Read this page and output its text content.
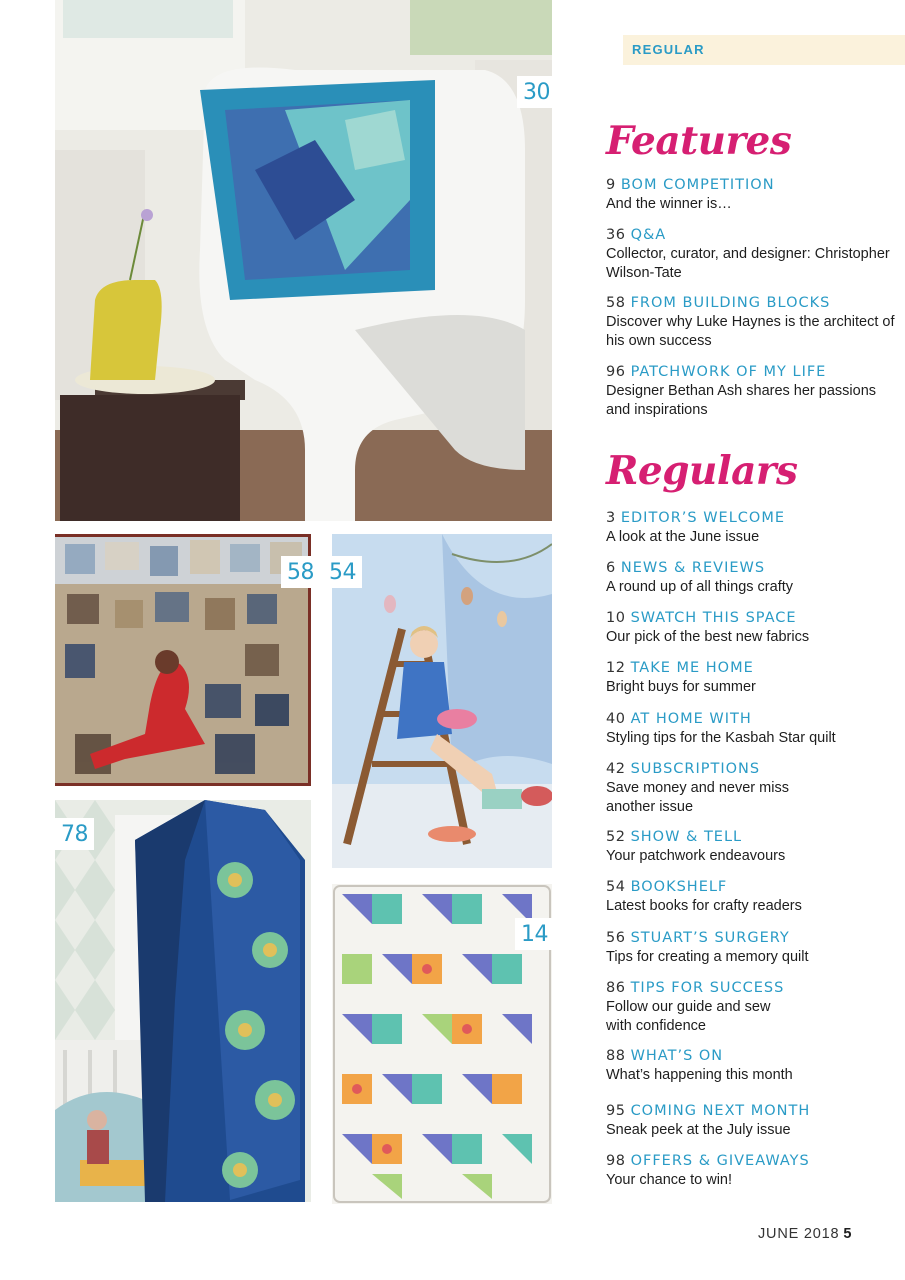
30
58 54
78
14
REGULAR
Features
9 BOM COMPETITION
And the winner is…
36 Q&A
Collector, curator, and designer: Christopher Wilson-Tate
58 FROM BUILDING BLOCKS
Discover why Luke Haynes is the architect of his own success
96 PATCHWORK OF MY LIFE
Designer Bethan Ash shares her passions and inspirations
Regulars
3 EDITOR’S WELCOME
A look at the June issue
6 NEWS & REVIEWS
A round up of all things crafty
10 SWATCH THIS SPACE
Our pick of the best new fabrics
12 TAKE ME HOME
Bright buys for summer
40 AT HOME WITH
Styling tips for the Kasbah Star quilt
42 SUBSCRIPTIONS
Save money and never miss another issue
52 SHOW & TELL
Your patchwork endeavours
54 BOOKSHELF
Latest books for crafty readers
56 STUART’S SURGERY
Tips for creating a memory quilt
86 TIPS FOR SUCCESS
Follow our guide and sew with confidence
88 WHAT’S ON
What’s happening this month
95 COMING NEXT MONTH
Sneak peek at the July issue
98 OFFERS & GIVEAWAYS
Your chance to win!
JUNE 2018 5
